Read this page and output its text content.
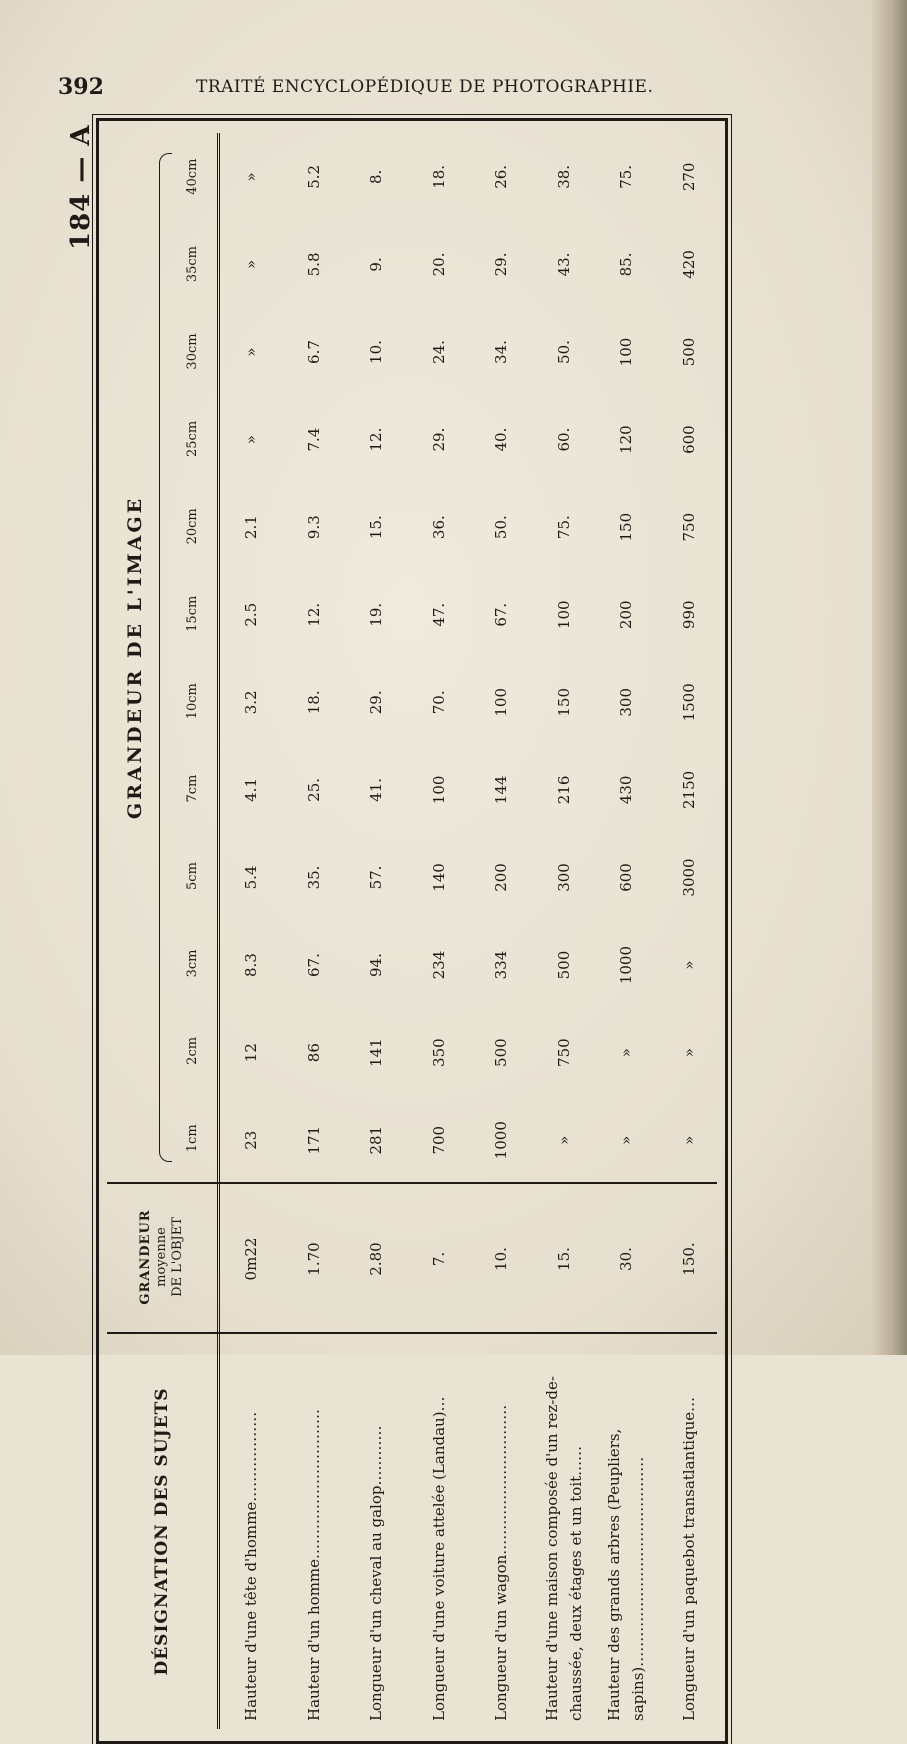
392	TRAITÉ ENCYCLOPÉDIQUE DE PHOTOGRAPHIE.
DÉSIGNATION DES SUJETS
GRANDEUR moyenne DE L'OBJET
GRANDEUR DE L'IMAGE
1cm
2cm
3cm
5cm
7cm
10cm
15cm
20cm
25cm
30cm
35cm
40cm
Hauteur d'une tête d'homme………………
0m22
23
12
8.3
5.4
4.1
3.2
2.5
2.1
»
»
»
»
Hauteur d'un homme…………………………
1.70
171
86
67.
35.
25.
18.
12.
9.3
7.4
6.7
5.8
5.2
Longueur d'un cheval au galop…………
2.80
281
141
94.
57.
41.
29.
19.
15.
12.
10.
9.
8.
Longueur d'une voiture attelée (Landau)…
7.
700
350
234
140
100
70.
47.
36.
29.
24.
20.
18.
Longueur d'un wagon…………………………
10.
1000
500
334
200
144
100
67.
50.
40.
34.
29.
26.
Hauteur d'une maison composée d'un rez-de-chaussée, deux étages et un toit……
15.
»
750
500
300
216
150
100
75.
60.
50.
43.
38.
Hauteur des grands arbres (Peupliers, sapins)……………………………………
30.
»
»
1000
600
430
300
200
150
120
100
85.
75.
Longueur d'un paquebot transatlantique…
150.
»
»
»
3000
2150
1500
990
750
600
500
420
270
184 — A
